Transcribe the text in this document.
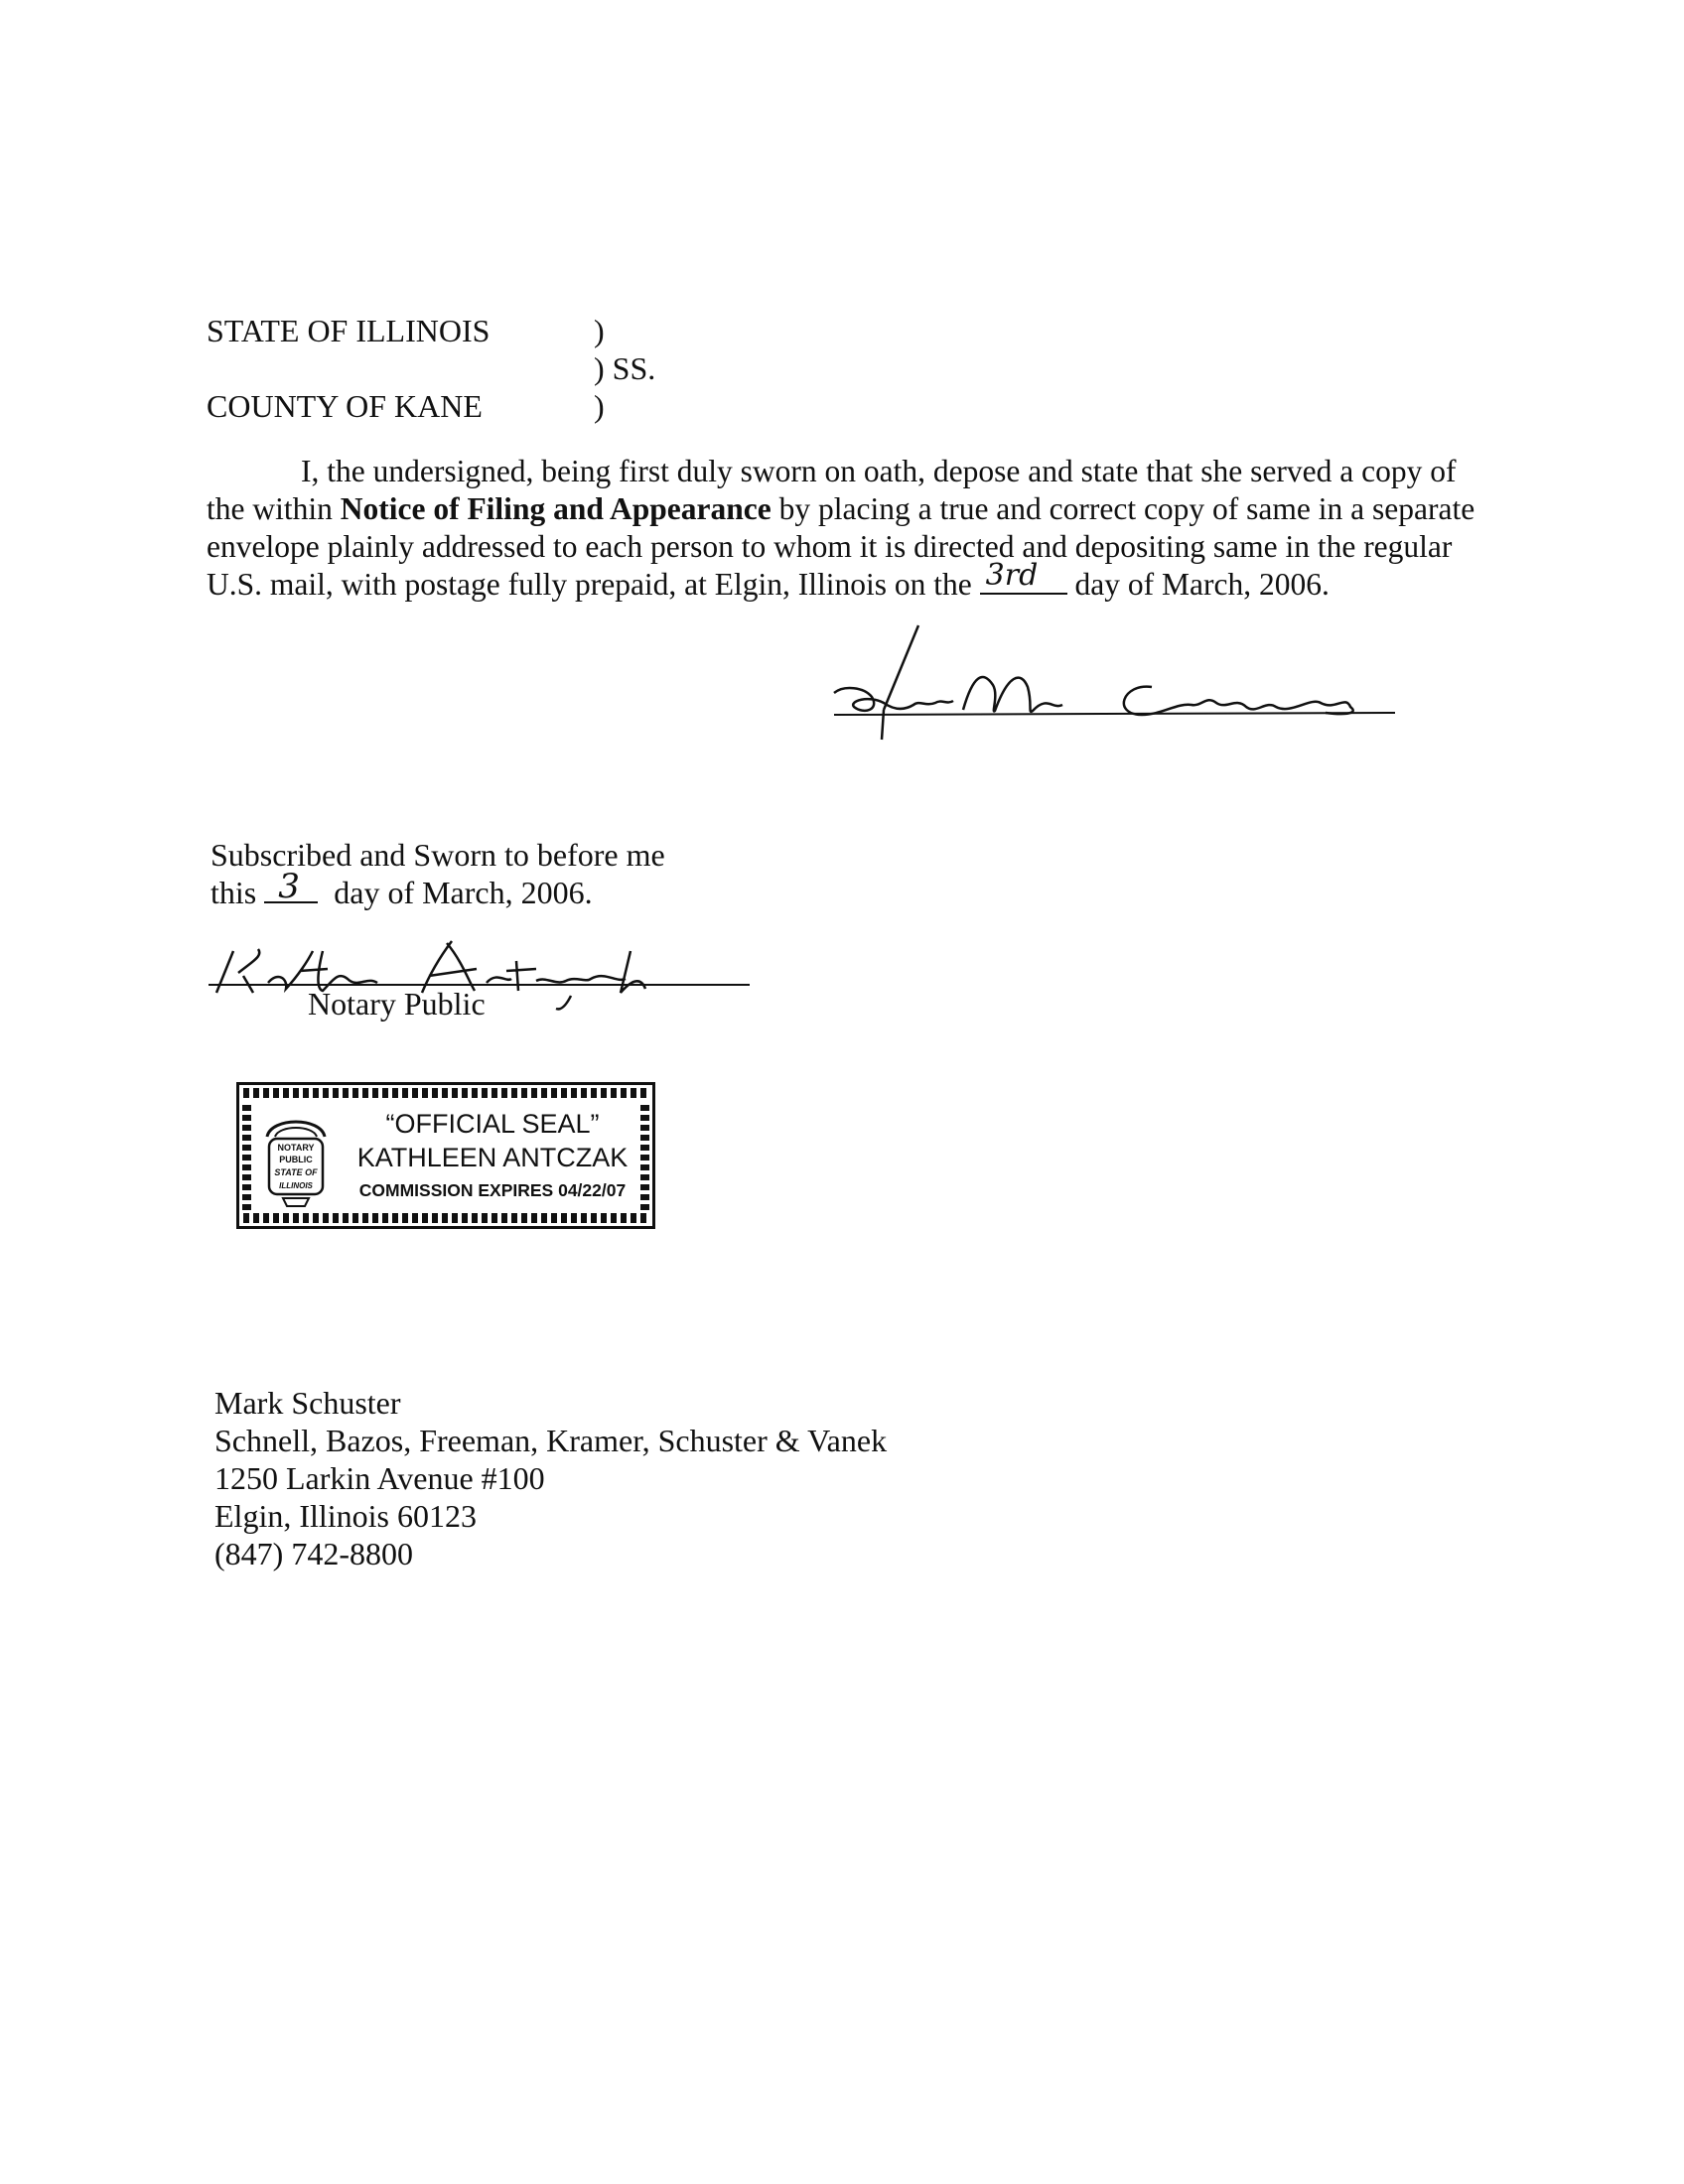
STATE OF ILLINOIS	)
) SS.
COUNTY OF KANE	)
I, the undersigned, being first duly sworn on oath, depose and state that she served a copy of the within Notice of Filing and Appearance by placing a true and correct copy of same in a separate envelope plainly addressed to each person to whom it is directed and depositing same in the regular U.S. mail, with postage fully prepaid, at Elgin, Illinois on the 3rd day of March, 2006.
Subscribed and Sworn to before me
this 3 day of March, 2006.
Notary Public
NOTARY
PUBLIC
STATE OF
ILLINOIS
“OFFICIAL SEAL”
KATHLEEN ANTCZAK
COMMISSION EXPIRES 04/22/07
Mark Schuster
Schnell, Bazos, Freeman, Kramer, Schuster & Vanek
1250 Larkin Avenue #100
Elgin, Illinois 60123
(847) 742-8800
